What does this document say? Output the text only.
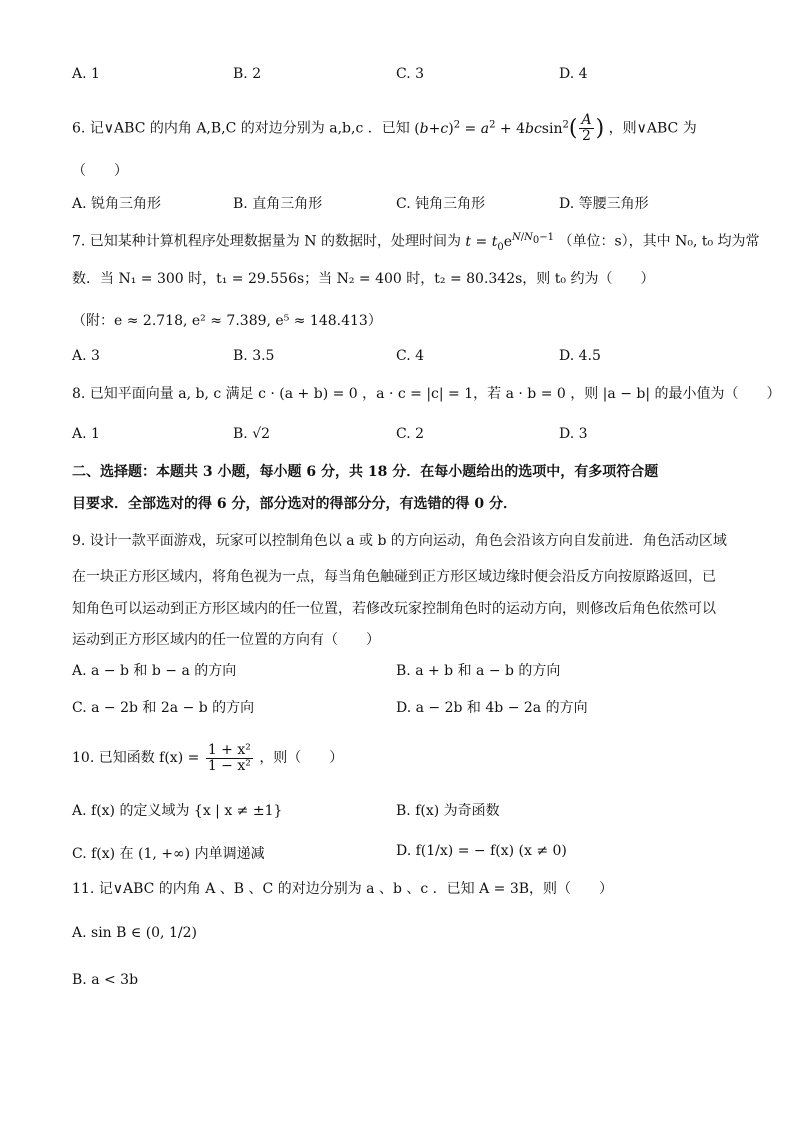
A. 1	B. 2	C. 3	D. 4
6. 记∨ABC 的内角 A,B,C 的对边分别为 a,b,c ．已知 $(b+c)^2 = a^2 + 4bcsin^2( \frac{A}{2}$ ) ，则∨ABC 为
（　　）
A. 锐角三角形	B. 直角三角形	C. 钝角三角形	D. 等腰三角形
7. 已知某种计算机程序处理数据量为 N 的数据时，处理时间为 $t = t_0e^{N/N_0-1}$ （单位：s），其中 N₀, t₀ 均为常
数．当 N₁ = 300 时，t₁ = 29.556s；当 N₂ = 400 时，t₂ = 80.342s，则 t₀ 约为（　　）
（附：e ≈ 2.718, e² ≈ 7.389, e⁵ ≈ 148.413）
A. 3	B. 3.5	C. 4	D. 4.5
8. 已知平面向量 a, b, c 满足 c · (a + b) = 0 ，a · c = |c| = 1，若 a · b = 0 ，则 |a − b| 的最小值为（　　）
A. 1	B. √2	C. 2	D. 3
二、选择题：本题共 3 小题，每小题 6 分，共 18 分．在每小题给出的选项中，有多项符合题
目要求．全部选对的得 6 分，部分选对的得部分分，有选错的得 0 分．
9. 设计一款平面游戏，玩家可以控制角色以 a 或 b 的方向运动，角色会沿该方向自发前进．角色活动区域
在一块正方形区域内，将角色视为一点，每当角色触碰到正方形区域边缘时便会沿反方向按原路返回，已
知角色可以运动到正方形区域内的任一位置，若修改玩家控制角色时的运动方向，则修改后角色依然可以
运动到正方形区域内的任一位置的方向有（　　）
A. a − b 和 b − a 的方向	B. a + b 和 a − b 的方向
C. a − 2b 和 2a − b 的方向	D. a − 2b 和 4b − 2a 的方向
10. 已知函数 $f(x) = \frac{\text{1 + x²}}{\text{1 − x²}}$ ，则（　　）
A. f(x) 的定义域为 {x | x ≠ ±1}	B. f(x) 为奇函数
C. f(x) 在 (1, +∞) 内单调递减	D. f(1/x) = − f(x) (x ≠ 0)
11. 记∨ABC 的内角 A 、B 、C 的对边分别为 a 、b 、c ．已知 A = 3B，则（　　）
A. sin B ∈ (0, 1/2)
B. a < 3b
